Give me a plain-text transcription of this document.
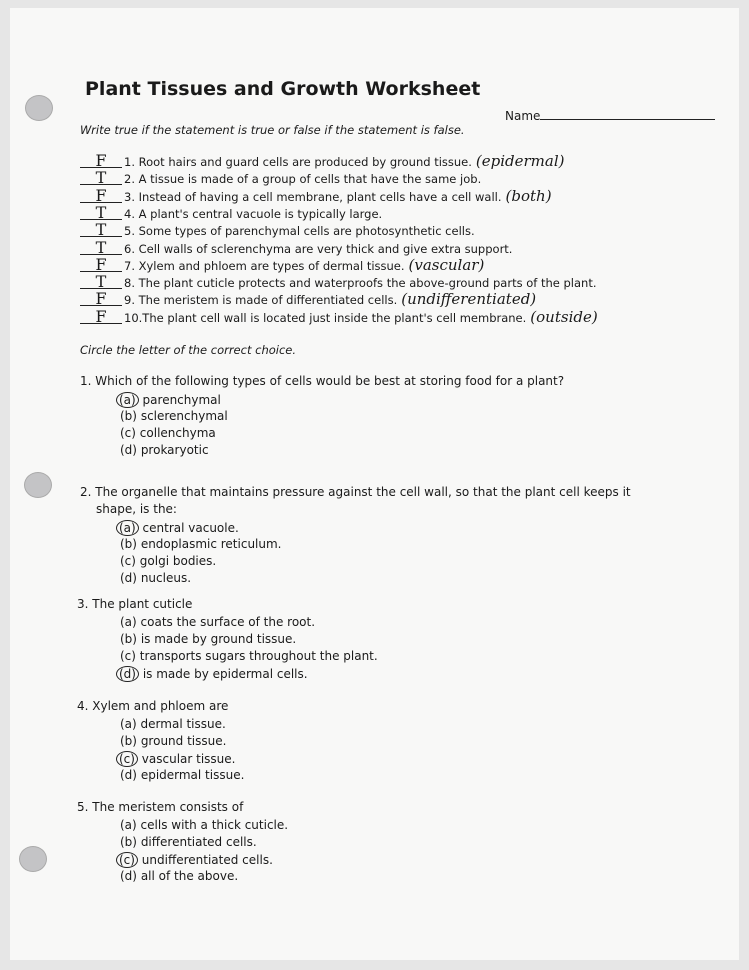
Plant Tissues and Growth Worksheet
Name
Write true if the statement is true or false if the statement is false.
F 1. Root hairs and guard cells are produced by ground tissue. (epidermal)
T 2. A tissue is made of a group of cells that have the same job.
F 3. Instead of having a cell membrane, plant cells have a cell wall. (both)
T 4. A plant's central vacuole is typically large.
T 5. Some types of parenchymal cells are photosynthetic cells.
T 6. Cell walls of sclerenchyma are very thick and give extra support.
F 7. Xylem and phloem are types of dermal tissue. (vascular)
T 8. The plant cuticle protects and waterproofs the above-ground parts of the plant.
F 9. The meristem is made of differentiated cells. (undifferentiated)
F 10.The plant cell wall is located just inside the plant's cell membrane. (outside)
Circle the letter of the correct choice.
1. Which of the following types of cells would be best at storing food for a plant?
(a) parenchymal
(b) sclerenchymal
(c) collenchyma
(d) prokaryotic
2. The organelle that maintains pressure against the cell wall, so that the plant cell keeps it
shape, is the:
(a) central vacuole.
(b) endoplasmic reticulum.
(c) golgi bodies.
(d) nucleus.
3. The plant cuticle
(a) coats the surface of the root.
(b) is made by ground tissue.
(c) transports sugars throughout the plant.
(d) is made by epidermal cells.
4. Xylem and phloem are
(a) dermal tissue.
(b) ground tissue.
(c) vascular tissue.
(d) epidermal tissue.
5. The meristem consists of
(a) cells with a thick cuticle.
(b) differentiated cells.
(c) undifferentiated cells.
(d) all of the above.
